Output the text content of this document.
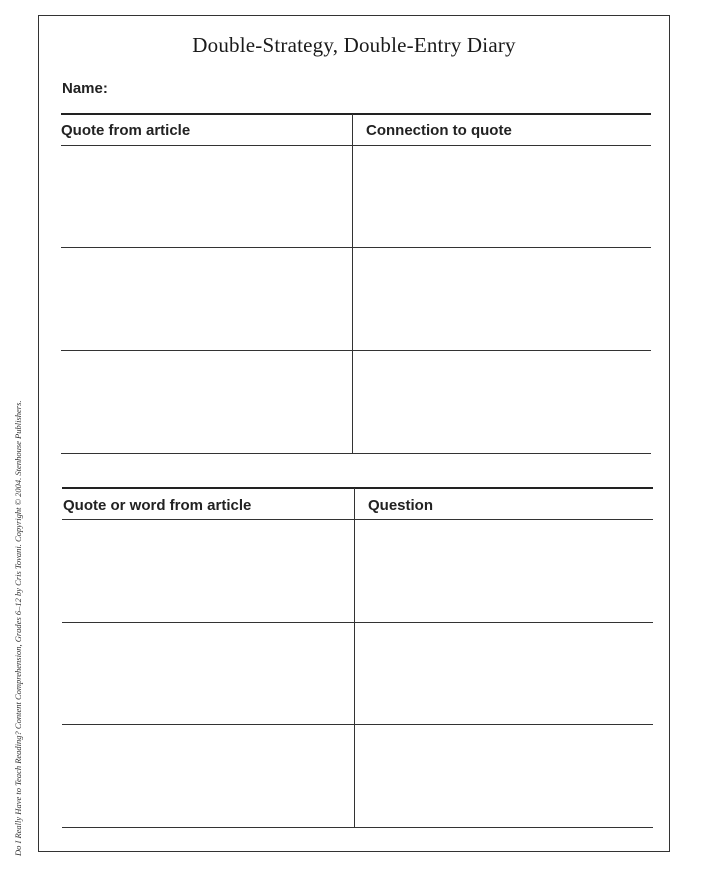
Double-Strategy, Double-Entry Diary
Name:
Quote from article	Connection to quote
Quote or word from article	Question
Do I Really Have to Teach Reading? Content Comprehension, Grades 6–12 by Cris Tovani. Copyright © 2004. Stenhouse Publishers.
